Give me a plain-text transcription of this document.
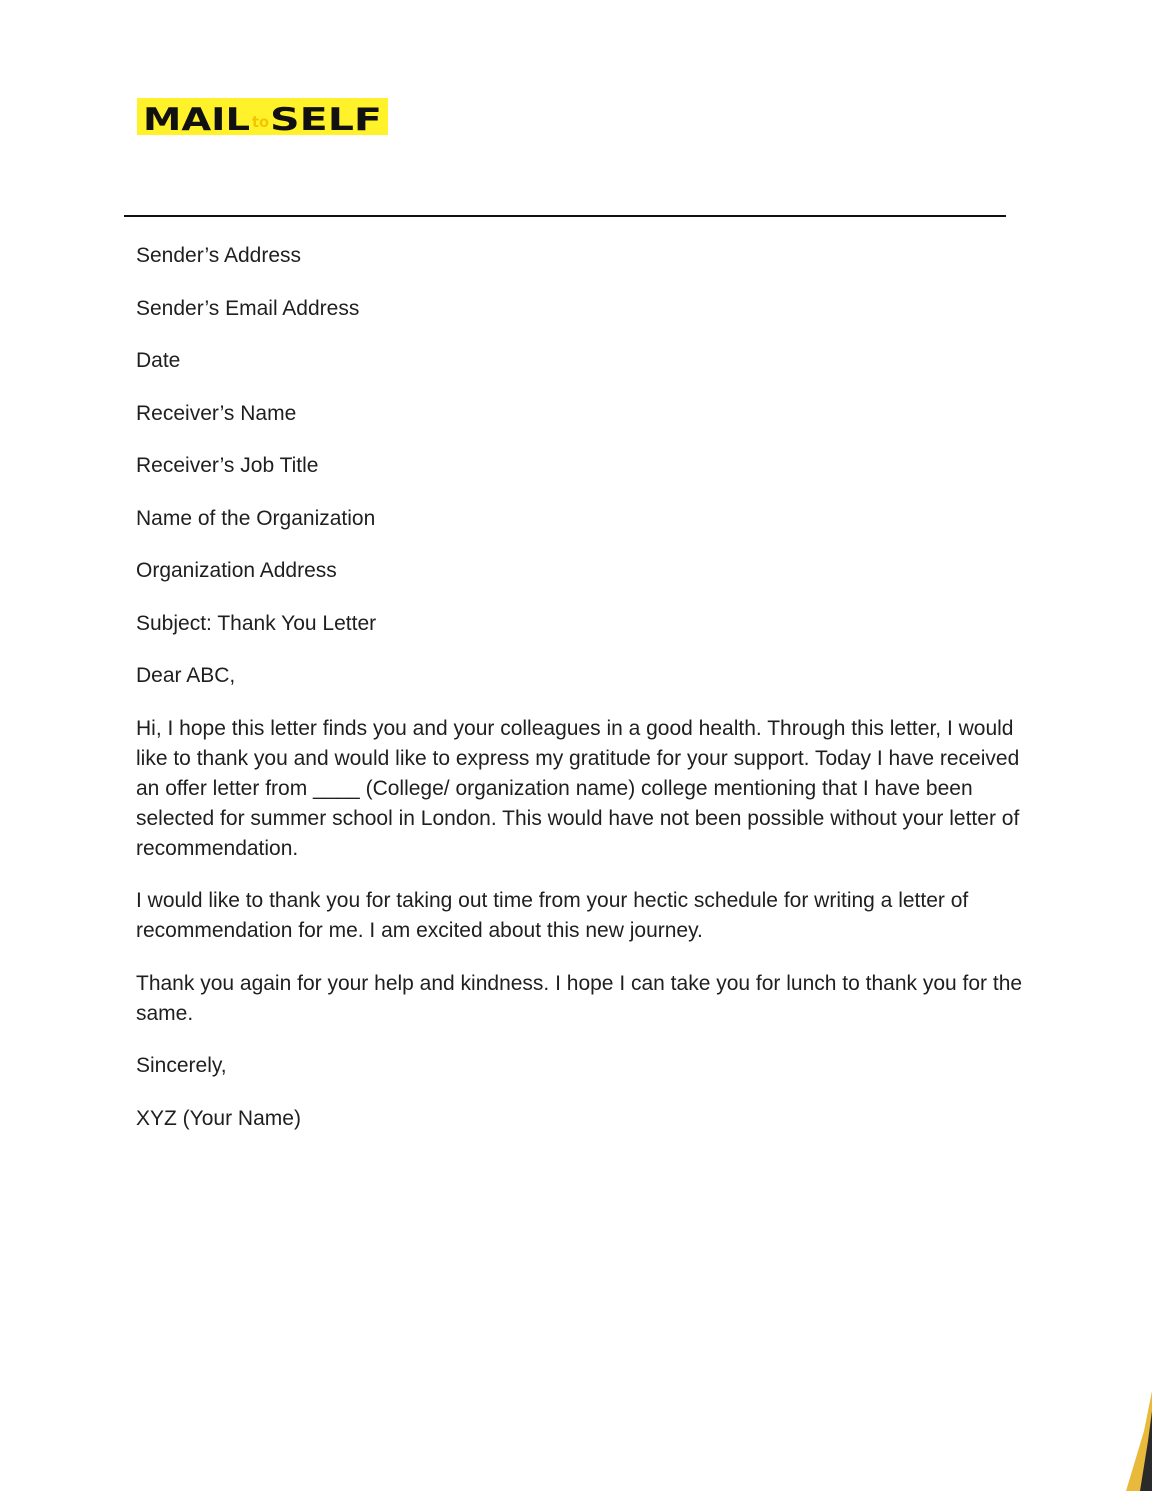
MAIL to SELF
Sender’s Address
Sender’s Email Address
Date
Receiver’s Name
Receiver’s Job Title
Name of the Organization
Organization Address
Subject: Thank You Letter
Dear ABC,
Hi, I hope this letter finds you and your colleagues in a good health. Through this letter, I would like to thank you and would like to express my gratitude for your support. Today I have received an offer letter from ____ (College/ organization name) college mentioning that I have been selected for summer school in London. This would have not been possible without your letter of recommendation.
I would like to thank you for taking out time from your hectic schedule for writing a letter of recommendation for me. I am excited about this new journey.
Thank you again for your help and kindness. I hope I can take you for lunch to thank you for the same.
Sincerely,
XYZ (Your Name)
